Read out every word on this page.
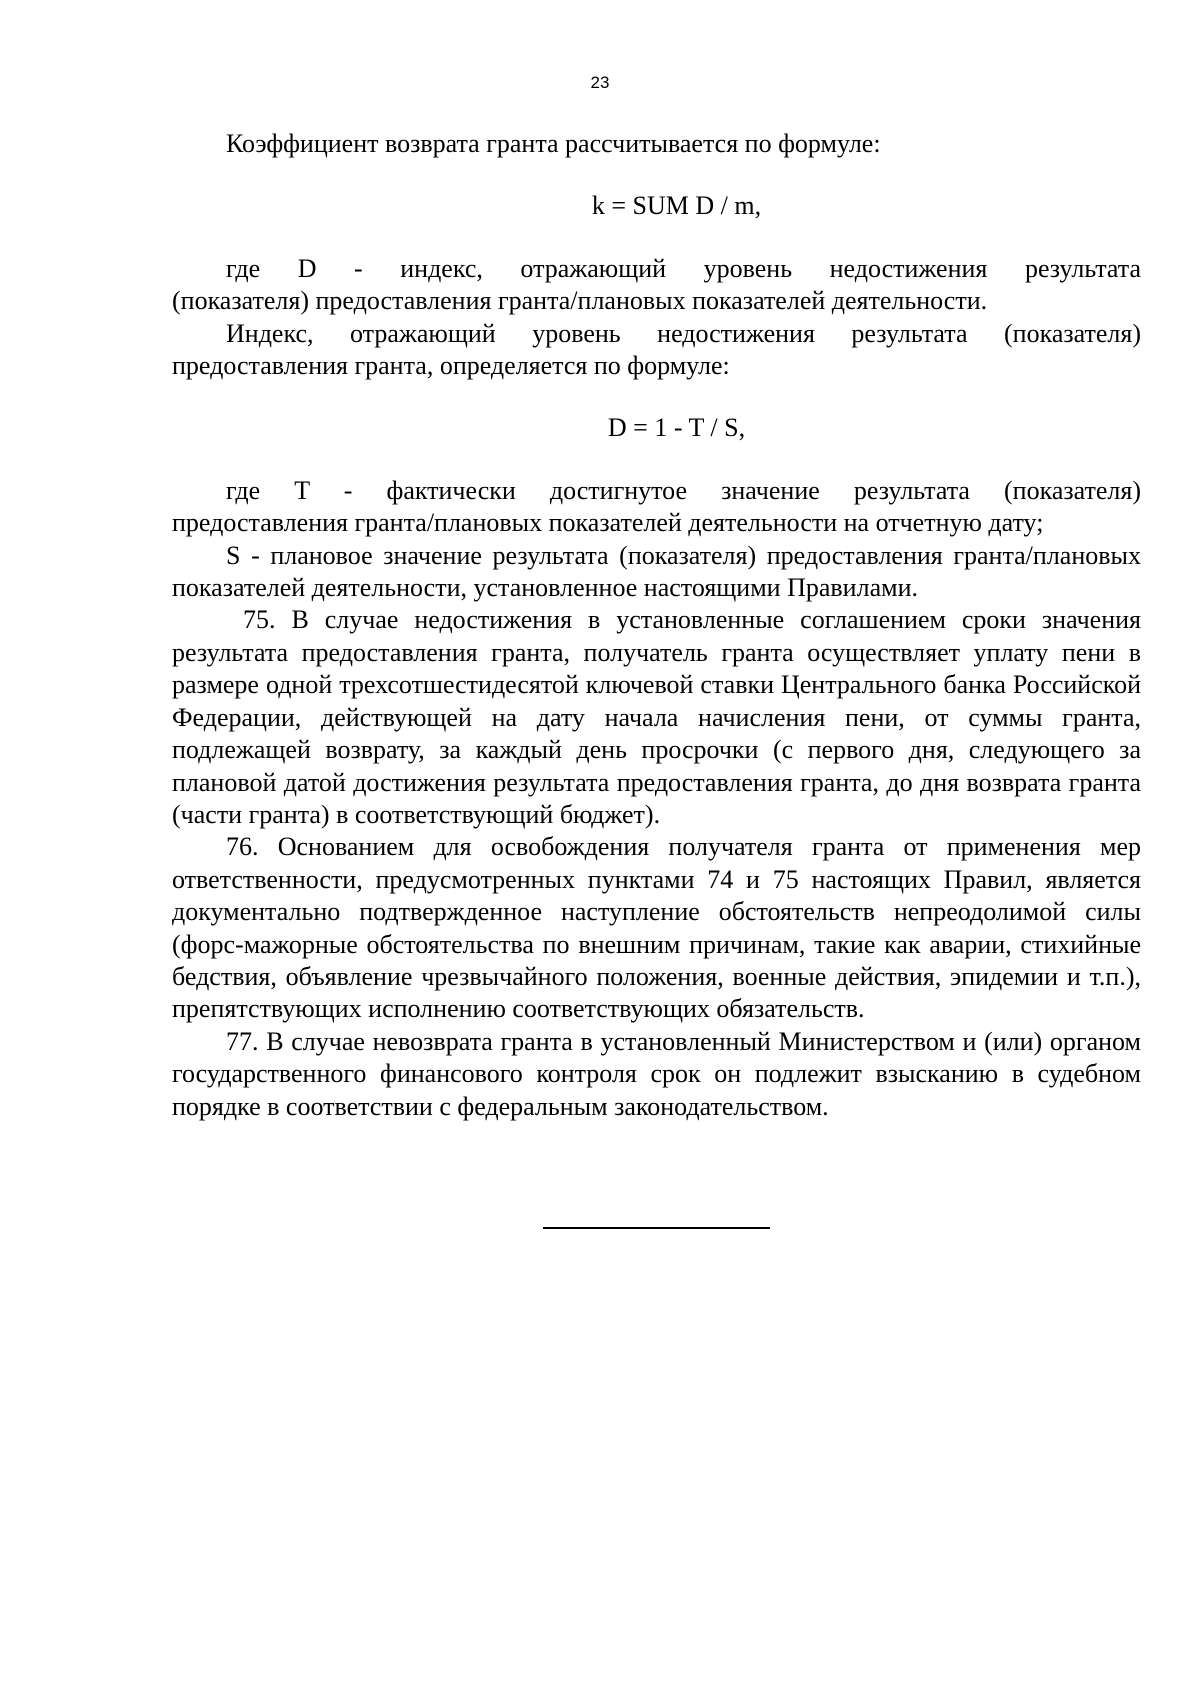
23

Коэффициент возврата гранта рассчитывается по формуле:

k = SUM D / m,

где D - индекс, отражающий уровень недостижения результата
(показателя) предоставления гранта/плановых показателей деятельности.

Индекс, отражающий уровень недостижения результата (показателя) предоставления гранта, определяется по формуле:

D = 1 - T / S,

где T - фактически достигнутое значение результата (показателя)
предоставления гранта/плановых показателей деятельности на отчетную дату;

S - плановое значение результата (показателя) предоставления гранта/плановых показателей деятельности, установленное настоящими Правилами.

75. В случае недостижения в установленные соглашением сроки значения результата предоставления гранта, получатель гранта осуществляет уплату пени в размере одной трехсотшестидесятой ключевой ставки Центрального банка Российской Федерации, действующей на дату начала начисления пени, от суммы гранта, подлежащей возврату, за каждый день просрочки (с первого дня, следующего за плановой датой достижения результата предоставления гранта, до дня возврата гранта (части гранта) в соответствующий бюджет).

76. Основанием для освобождения получателя гранта от применения мер ответственности, предусмотренных пунктами 74 и 75 настоящих Правил, является документально подтвержденное наступление обстоятельств непреодолимой силы (форс-мажорные обстоятельства по внешним причинам, такие как аварии, стихийные бедствия, объявление чрезвычайного положения, военные действия, эпидемии и т.п.), препятствующих исполнению соответствующих обязательств.

77. В случае невозврата гранта в установленный Министерством и (или) органом государственного финансового контроля срок он подлежит взысканию в судебном порядке в соответствии с федеральным законодательством.
